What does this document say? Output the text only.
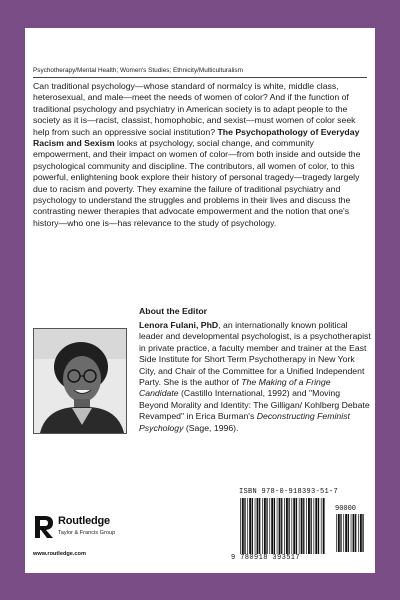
Psychotherapy/Mental Health; Women's Studies; Ethnicity/Multiculturalism

Can traditional psychology—whose standard of normalcy is white, middle class, heterosexual, and male—meet the needs of women of color? And if the function of traditional psychology and psychiatry in American society is to adapt people to the society as it is—racist, classist, homophobic, and sexist—must women of color seek help from such an oppressive social institution? The Psychopathology of Everyday Racism and Sexism looks at psychology, social change, and community empowerment, and their impact on women of color—from both inside and outside the psychological community and discipline. The contributors, all women of color, to this powerful, enlightening book explore their history of personal tragedy—tragedy largely due to racism and poverty. They examine the failure of traditional psychiatry and psychology to understand the struggles and problems in their lives and discuss the contrasting newer therapies that advocate empowerment and the notion that one's history—who one is—has relevance to the study of psychology.

About the Editor

Lenora Fulani, PhD, an internationally known political leader and developmental psychologist, is a psychotherapist in private practice, a faculty member and trainer at the East Side Institute for Short Term Psychotherapy in New York City, and Chair of the Committee for a Unified Independent Party. She is the author of The Making of a Fringe Candidate (Castillo International, 1992) and "Moving Beyond Morality and Identity: The Gilligan/ Kohlberg Debate Revamped" in Erica Burman's Deconstructing Feminist Psychology (Sage, 1996).

Routledge
Taylor & Francis Group
www.routledge.com
ISBN 978-0-918393-51-7
90000
9 780918 393517
